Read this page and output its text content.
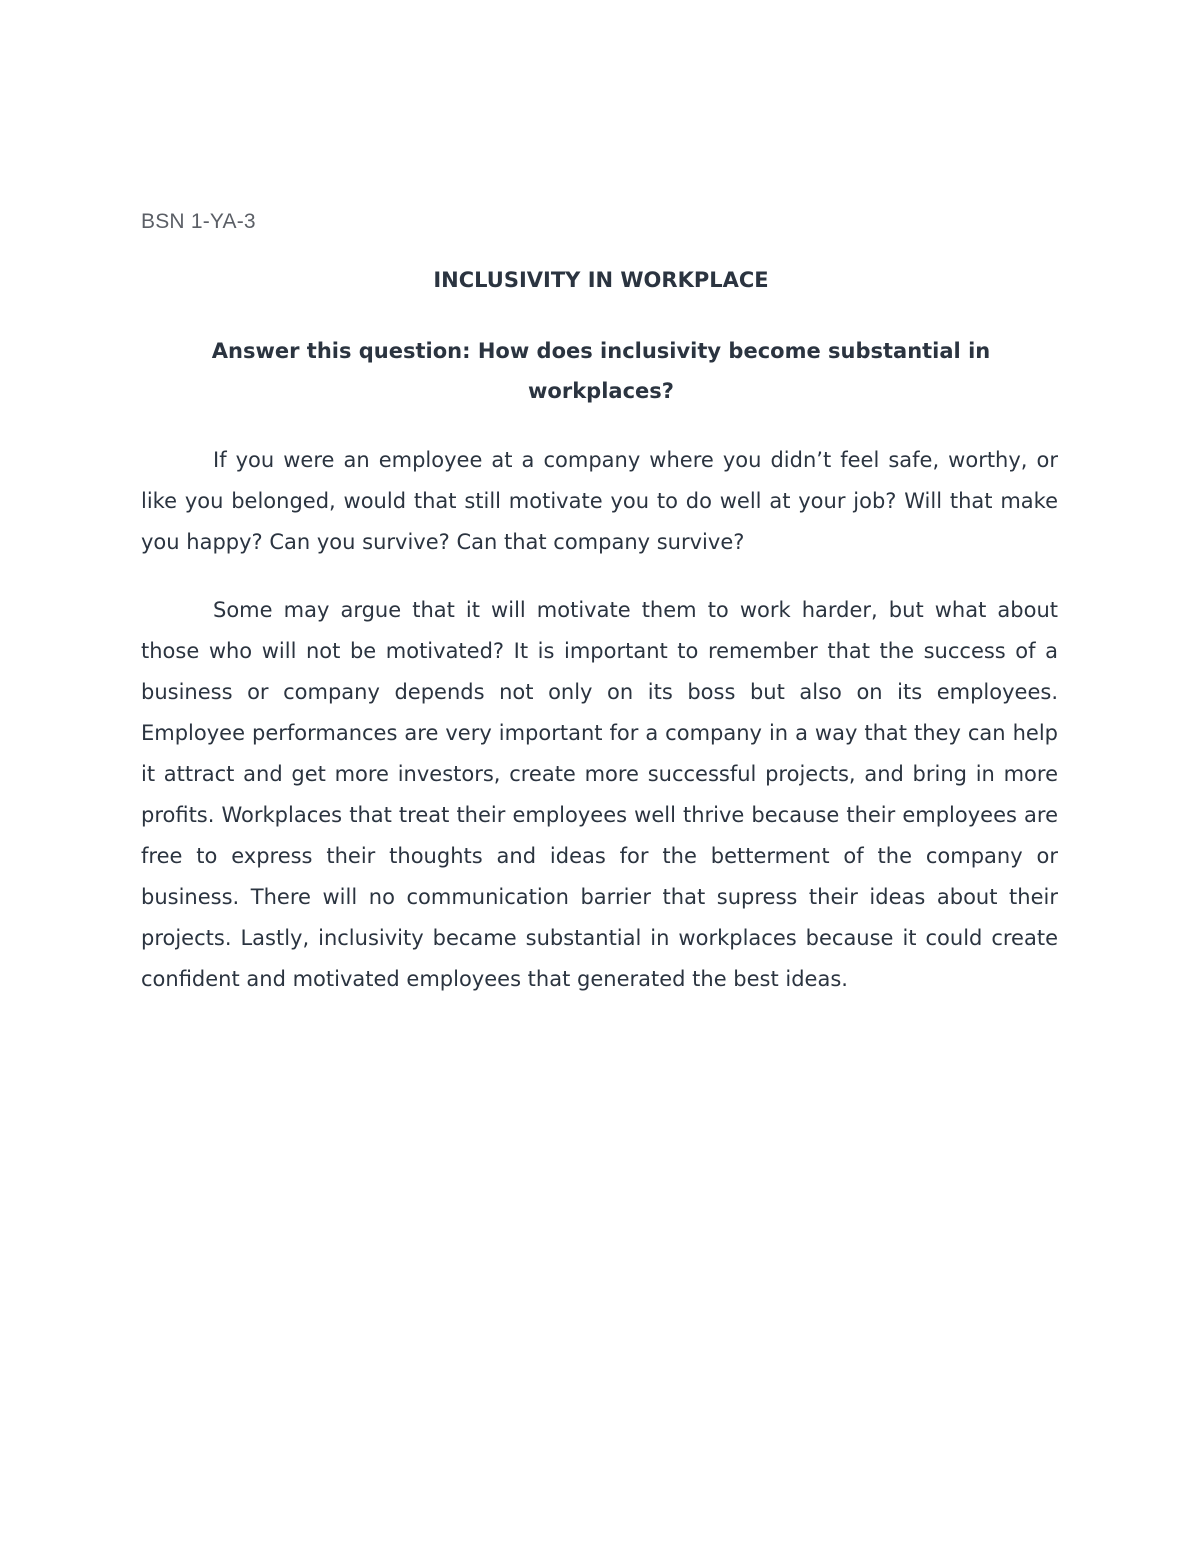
BSN 1-YA-3
INCLUSIVITY IN WORKPLACE
Answer this question: How does inclusivity become substantial in workplaces?

If you were an employee at a company where you didn’t feel safe, worthy, or like you belonged, would that still motivate you to do well at your job? Will that make you happy? Can you survive? Can that company survive?

Some may argue that it will motivate them to work harder, but what about those who will not be motivated? It is important to remember that the success of a business or company depends not only on its boss but also on its employees. Employee performances are very important for a company in a way that they can help it attract and get more investors, create more successful projects, and bring in more profits. Workplaces that treat their employees well thrive because their employees are free to express their thoughts and ideas for the betterment of the company or business. There will no communication barrier that supress their ideas about their projects. Lastly, inclusivity became substantial in workplaces because it could create confident and motivated employees that generated the best ideas.
